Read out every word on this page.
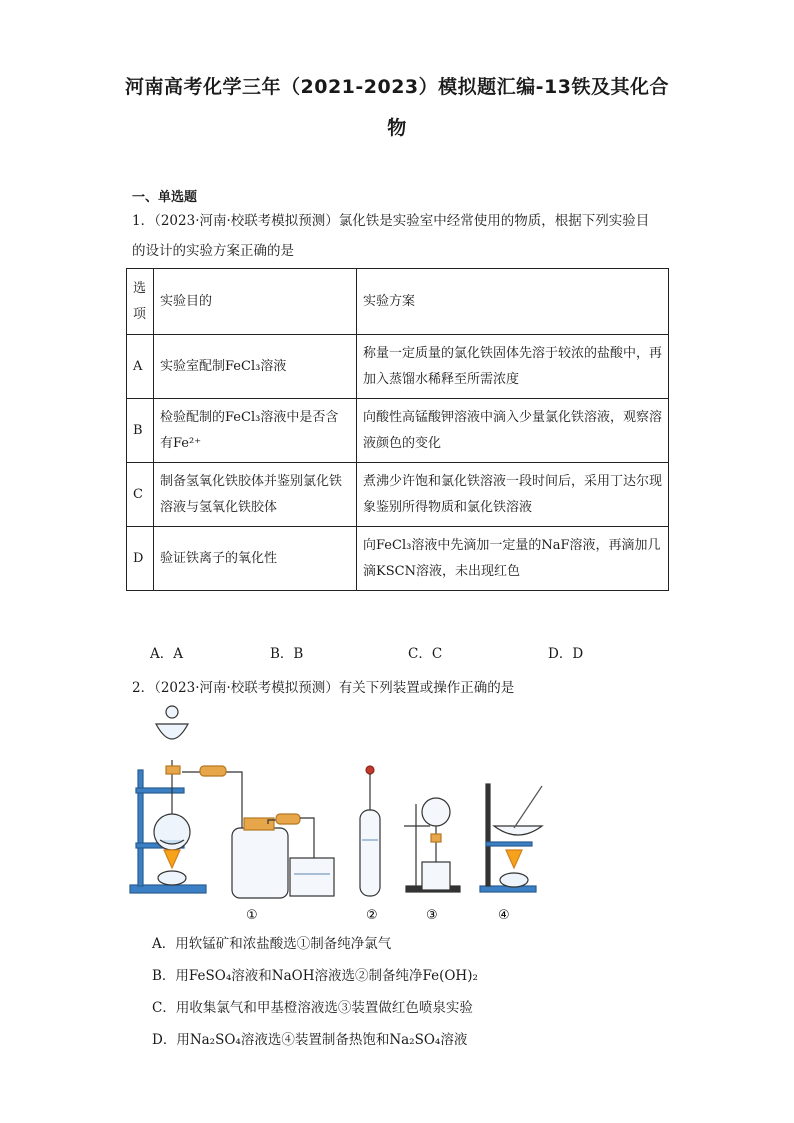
河南高考化学三年（2021-2023）模拟题汇编-13铁及其化合
物
一、单选题
1．（2023·河南·校联考模拟预测）氯化铁是实验室中经常使用的物质，根据下列实验目
的设计的实验方案正确的是
选
项	实验目的	实验方案
A	实验室配制FeCl₃溶液	称量一定质量的氯化铁固体先溶于较浓的盐酸中，再加入蒸馏水稀释至所需浓度
B	检验配制的FeCl₃溶液中是否含有Fe²⁺	向酸性高锰酸钾溶液中滴入少量氯化铁溶液，观察溶液颜色的变化
C	制备氢氧化铁胶体并鉴别氯化铁溶液与氢氧化铁胶体	煮沸少许饱和氯化铁溶液一段时间后，采用丁达尔现象鉴别所得物质和氯化铁溶液
D	验证铁离子的氧化性	向FeCl₃溶液中先滴加一定量的NaF溶液，再滴加几滴KSCN溶液，未出现红色
A．A	B．B	C．C	D．D
2．（2023·河南·校联考模拟预测）有关下列装置或操作正确的是
①	②	③	④
A．用软锰矿和浓盐酸选①制备纯净氯气
B．用FeSO₄溶液和NaOH溶液选②制备纯净Fe(OH)₂
C．用收集氯气和甲基橙溶液选③装置做红色喷泉实验
D．用Na₂SO₄溶液选④装置制备热饱和Na₂SO₄溶液
